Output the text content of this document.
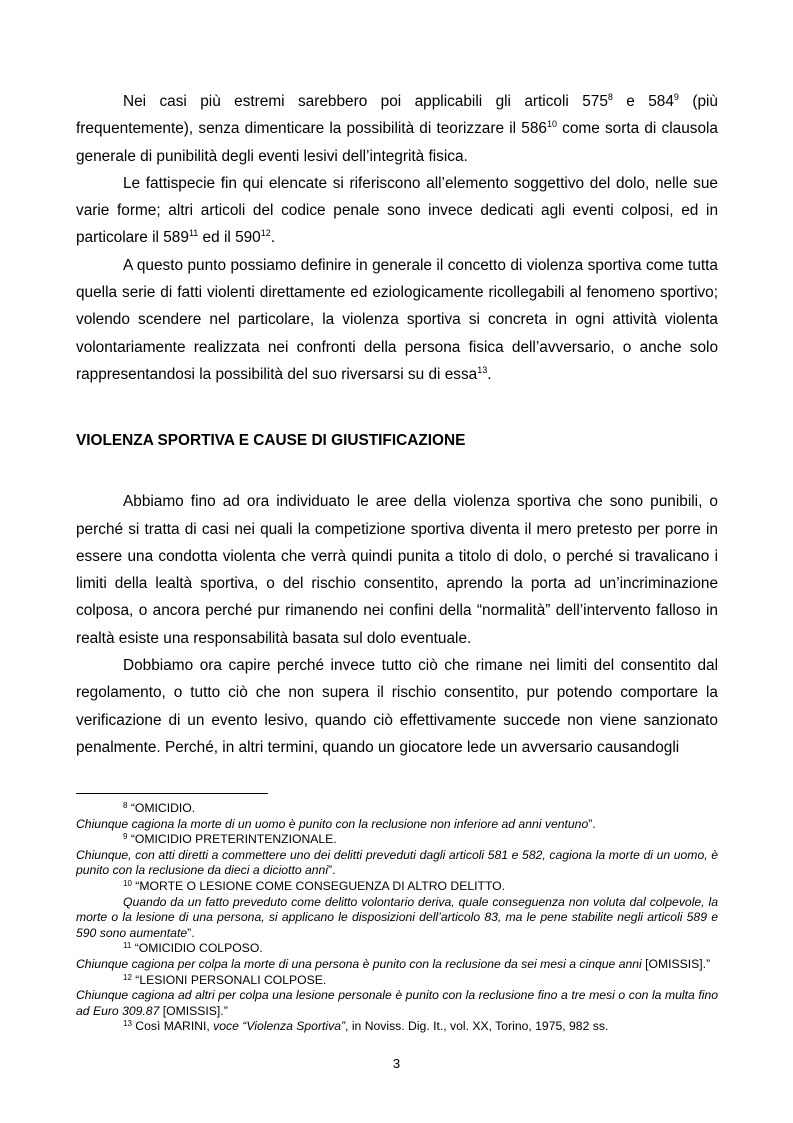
Nei casi più estremi sarebbero poi applicabili gli articoli $575^8$ e $584^9$ (più frequentemente), senza dimenticare la possibilità di teorizzare il $586^{10}$ come sorta di clausola generale di punibilità degli eventi lesivi dell’integrità fisica.

Le fattispecie fin qui elencate si riferiscono all’elemento soggettivo del dolo, nelle sue varie forme; altri articoli del codice penale sono invece dedicati agli eventi colposi, ed in particolare il $589^{11}$ ed il $590^{12}$.

A questo punto possiamo definire in generale il concetto di violenza sportiva come tutta quella serie di fatti violenti direttamente ed eziologicamente ricollegabili al fenomeno sportivo; volendo scendere nel particolare, la violenza sportiva si concreta in ogni attività violenta volontariamente realizzata nei confronti della persona fisica dell’avversario, o anche solo rappresentandosi la possibilità del suo riversarsi su di essa$^{13}$.

VIOLENZA SPORTIVA E CAUSE DI GIUSTIFICAZIONE

Abbiamo fino ad ora individuato le aree della violenza sportiva che sono punibili, o perché si tratta di casi nei quali la competizione sportiva diventa il mero pretesto per porre in essere una condotta violenta che verrà quindi punita a titolo di dolo, o perché si travalicano i limiti della lealtà sportiva, o del rischio consentito, aprendo la porta ad un’incriminazione colposa, o ancora perché pur rimanendo nei confini della “normalità” dell’intervento falloso in realtà esiste una responsabilità basata sul dolo eventuale.

Dobbiamo ora capire perché invece tutto ciò che rimane nei limiti del consentito dal regolamento, o tutto ciò che non supera il rischio consentito, pur potendo comportare la verificazione di un evento lesivo, quando ciò effettivamente succede non viene sanzionato penalmente. Perché, in altri termini, quando un giocatore lede un avversario causandogli

$^8$ “OMICIDIO.

Chiunque cagiona la morte di un uomo è punito con la reclusione non inferiore ad anni ventuno”.

$^9$ “OMICIDIO PRETERINTENZIONALE.

Chiunque, con atti diretti a commettere uno dei delitti preveduti dagli articoli 581 e 582, cagiona la morte di un uomo, è punito con la reclusione da dieci a diciotto anni”.

$^{10}$ “MORTE O LESIONE COME CONSEGUENZA DI ALTRO DELITTO.

Quando da un fatto preveduto come delitto volontario deriva, quale conseguenza non voluta dal colpevole, la morte o la lesione di una persona, si applicano le disposizioni dell’articolo 83, ma le pene stabilite negli articoli 589 e 590 sono aumentate”.

$^{11}$ “OMICIDIO COLPOSO.

Chiunque cagiona per colpa la morte di una persona è punito con la reclusione da sei mesi a cinque anni [OMISSIS].”

$^{12}$ “LESIONI PERSONALI COLPOSE.

Chiunque cagiona ad altri per colpa una lesione personale è punito con la reclusione fino a tre mesi o con la multa fino ad Euro 309.87 [OMISSIS].”

$^{13}$ Così MARINI, voce “Violenza Sportiva”, in Noviss. Dig. It., vol. XX, Torino, 1975, 982 ss.

3
